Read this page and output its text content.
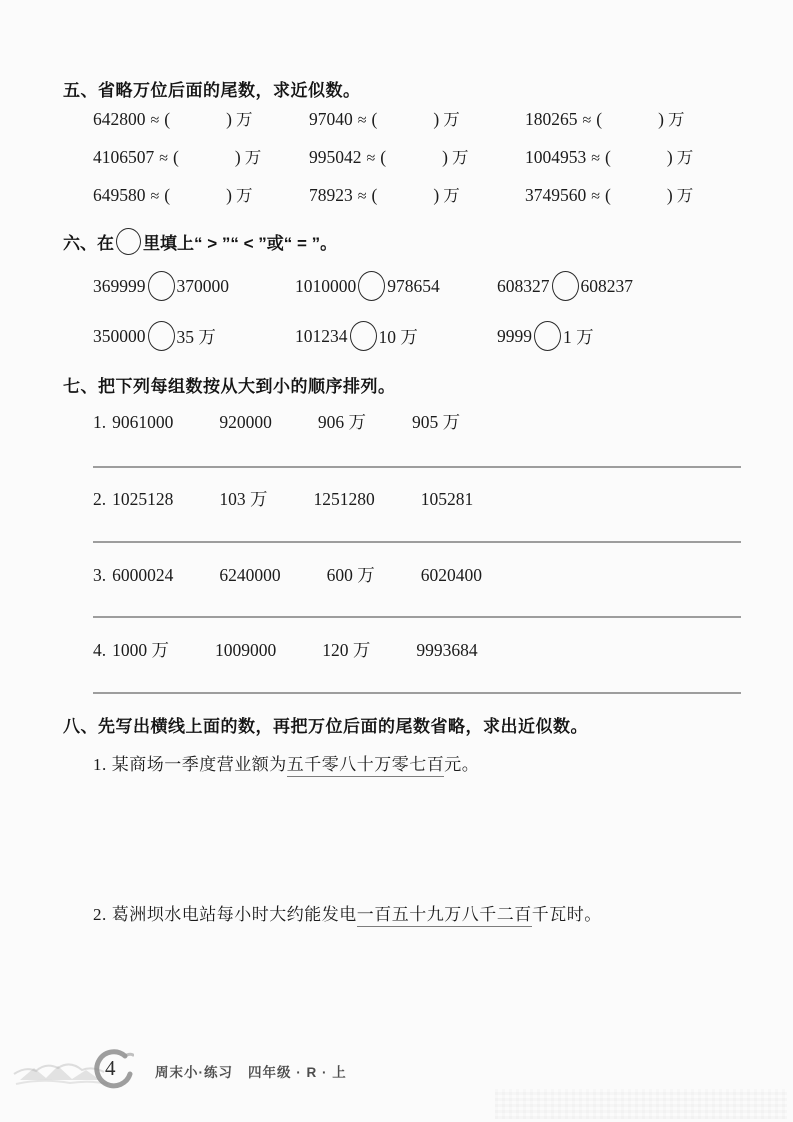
五、省略万位后面的尾数，求近似数。
642800 ≈ (	) 万	97040 ≈ (	) 万	180265 ≈ (	) 万
4106507 ≈ (	) 万	995042 ≈ (	) 万	1004953 ≈ (	) 万
649580 ≈ (	) 万	78923 ≈ (	) 万	3749560 ≈ (	) 万
六、在 里填上“ > ”“ < ”或“ = ”。
369999 370000	1010000 978654	608327 608237
350000 35 万	101234 10 万	9999 1 万
七、把下列每组数按从大到小的顺序排列。
1. 9061000	920000	906 万	905 万
2. 1025128	103 万	1251280	105281
3. 6000024	6240000	600 万	6020400
4. 1000 万	1009000	120 万	9993684
八、先写出横线上面的数，再把万位后面的尾数省略，求出近似数。
1. 某商场一季度营业额为五千零八十万零七百元。
2. 葛洲坝水电站每小时大约能发电一百五十九万八千二百千瓦时。
4	周末小·练习 四年级 · R · 上
